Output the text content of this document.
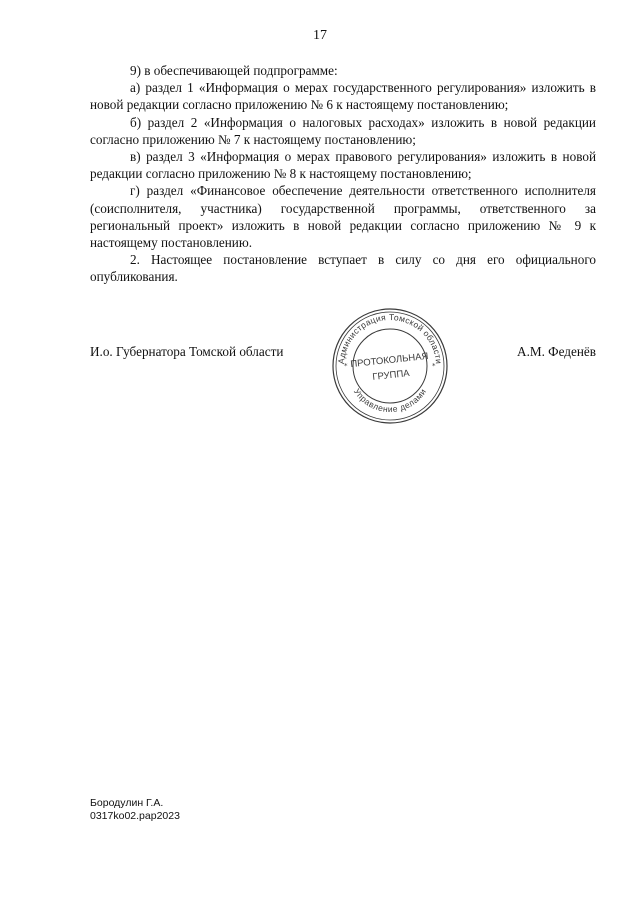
17

9) в обеспечивающей подпрограмме:

а) раздел 1 «Информация о мерах государственного регулирования» изложить в новой редакции согласно приложению № 6 к настоящему постановлению;

б) раздел 2 «Информация о налоговых расходах» изложить в новой редакции согласно приложению № 7 к настоящему постановлению;

в) раздел 3 «Информация о мерах правового регулирования» изложить в новой редакции согласно приложению № 8 к настоящему постановлению;

г) раздел «Финансовое обеспечение деятельности ответственного исполнителя (соисполнителя, участника) государственной программы, ответственного за региональный проект» изложить в новой редакции согласно приложению № 9 к настоящему постановлению.

2. Настоящее постановление вступает в силу со дня его официального опубликования.

И.о. Губернатора Томской области	А.М. Феденёв
Администрация Томской области
Управление делами
*	*
ПРОТОКОЛЬНАЯ
ГРУППА
Бородулин Г.А.
0317ko02.pap2023
